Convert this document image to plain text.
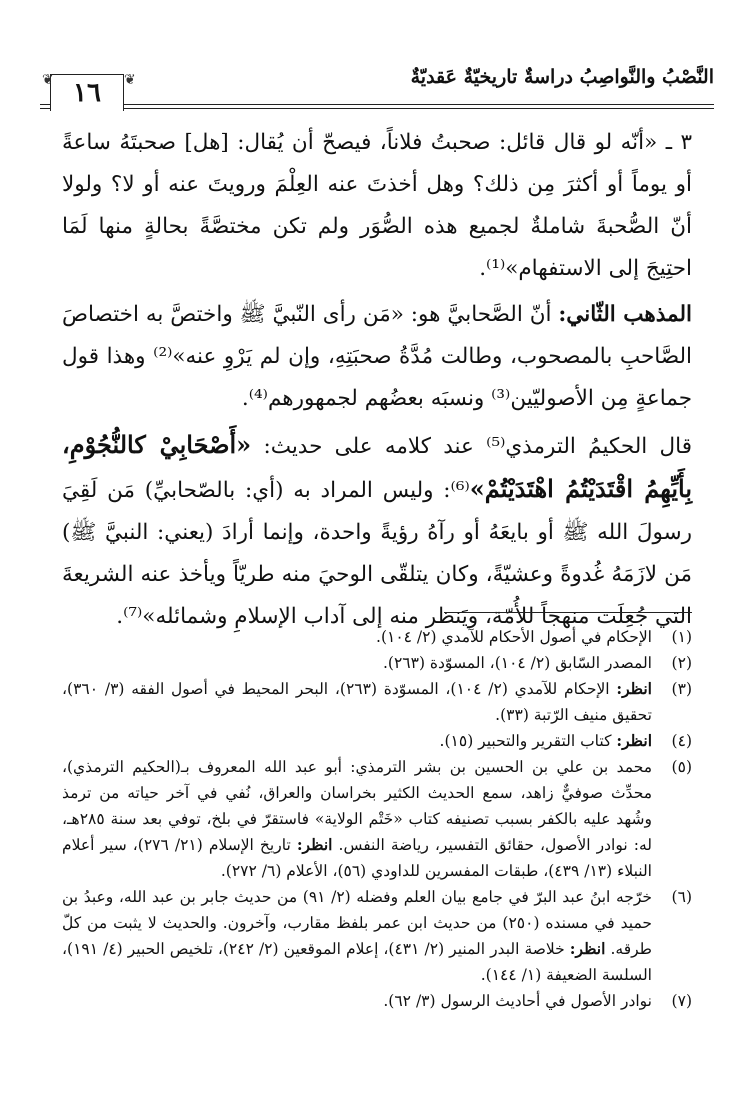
النَّصْبُ والنَّواصِبُ دراسةٌ تاريخيّةٌ عَقديّةٌ
١٦
❦	❦

٣ ـ «أنّه لو قال قائل: صحبتُ فلاناً، فيصحّ أن يُقال: [هل] صحبتَهُ ساعةً أو يوماً أو أكثرَ مِن ذلك؟ وهل أخذتَ عنه العِلْمَ ورويتَ عنه أو لا؟ ولولا أنّ الصُّحبةَ شاملةٌ لجميع هذه الصُّوَر ولم تكن مختصَّةً بحالةٍ منها لَمَا احتِيجَ إلى الاستفهام»⁽¹⁾.

المذهب الثّاني: أنّ الصَّحابيَّ هو: «مَن رأى النّبيَّ ﷺ واختصَّ به اختصاصَ الصَّاحبِ بالمصحوب، وطالت مُدَّةُ صحبَتِهِ، وإن لم يَرْوِ عنه»⁽²⁾ وهذا قول جماعةٍ مِن الأصوليّين⁽³⁾ ونسبَه بعضُهم لجمهورهم⁽⁴⁾.

قال الحكيمُ الترمذي⁽⁵⁾ عند كلامه على حديث: «أَصْحَابِيْ كالنُّجُوْمِ، بِأَيِّهِمُ اقْتَدَيْتُمُ اهْتَدَيْتُمْ»⁽⁶⁾: وليس المراد به (أي: بالصّحابيِّ) مَن لَقِيَ رسولَ الله ﷺ أو بايعَهُ أو رآهُ رؤيةً واحدة، وإنما أرادَ (يعني: النبيَّ ﷺ) مَن لازَمَهُ غُدوةً وعشيّةً، وكان يتلقّى الوحيَ منه طريّاً ويأخذ عنه الشريعةَ التي جُعِلَت منهجاً للأُمّة، ويَنظر منه إلى آداب الإسلامِ وشمائله»⁽⁷⁾.

(١)
الإحكام في أصول الأحكام للآمدي (٢/ ١٠٤).
(٢)
المصدر السّابق (٢/ ١٠٤)، المسوّدة (٢٦٣).
(٣)
انظر: الإحكام للآمدي (٢/ ١٠٤)، المسوّدة (٢٦٣)، البحر المحيط في أصول الفقه (٣/ ٣٦٠)، تحقيق منيف الرّتبة (٣٣).
(٤)
انظر: كتاب التقرير والتحبير (١٥).
(٥)
محمد بن علي بن الحسين بن بشر الترمذي: أبو عبد الله المعروف بـ(الحكيم الترمذي)، محدِّث صوفيٌّ زاهد، سمع الحديث الكثير بخراسان والعراق، نُفي في آخر حياته من ترمذ وشُهد عليه بالكفر بسبب تصنيفه كتاب «خَتْم الولاية» فاستقرّ في بلخ، توفي بعد سنة ٢٨٥هـ، له: نوادر الأصول، حقائق التفسير، رياضة النفس. انظر: تاريخ الإسلام (٢١/ ٢٧٦)، سير أعلام النبلاء (١٣/ ٤٣٩)، طبقات المفسرين للداودي (٥٦)، الأعلام (٦/ ٢٧٢).
(٦)
خرّجه ابنُ عبد البرّ في جامع بيان العلم وفضله (٢/ ٩١) من حديث جابر بن عبد الله، وعبدُ بن حميد في مسنده (٢٥٠) من حديث ابن عمر بلفظ مقارب، وآخرون. والحديث لا يثبت من كلّ طرقه. انظر: خلاصة البدر المنير (٢/ ٤٣١)، إعلام الموقعين (٢/ ٢٤٢)، تلخيص الحبير (٤/ ١٩١)، السلسة الضعيفة (١/ ١٤٤).
(٧)
نوادر الأصول في أحاديث الرسول (٣/ ٦٢).
